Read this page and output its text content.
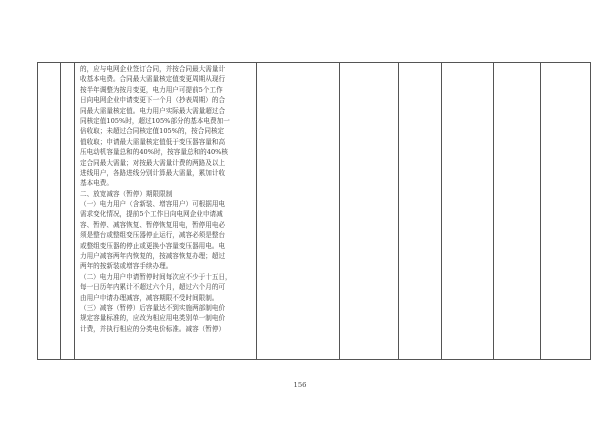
的，应与电网企业签订合同，并按合同最大需量计
收基本电费。合同最大需量核定值变更周期从现行
按半年调整为按月变更，电力用户可提前5个工作
日向电网企业申请变更下一个月（抄表周期）的合
同最大需量核定值。电力用户实际最大需量超过合
同核定值105%时，超过105%部分的基本电费加一
倍收取；未超过合同核定值105%的，按合同核定
值收取；申请最大需量核定值低于变压器容量和高
压电动机容量总和的40%时，按容量总和的40%核
定合同最大需量；对按最大需量计费的两路及以上
进线用户，各路进线分别计算最大需量，累加计收
基本电费。
二、放宽减容（暂停）期限限制
（一）电力用户（含新装、增容用户）可根据用电
需求变化情况，提前5个工作日向电网企业申请减
容、暂停、减容恢复、暂停恢复用电，暂停用电必
须是整台或整组变压器停止运行，减容必须是整台
或整组变压器的停止或更换小容量变压器用电。电
力用户减容两年内恢复的，按减容恢复办理；超过
两年的按新装或增容手续办理。
（二）电力用户申请暂停时间每次应不少于十五日，
每一日历年内累计不超过六个月，超过六个月的可
由用户申请办理减容，减容期限不受时间限制。
（三）减容（暂停）后容量达不到实施两部制电价
规定容量标准的，应改为相应用电类别单一制电价
计费，并执行相应的分类电价标准。减容（暂停）

156
